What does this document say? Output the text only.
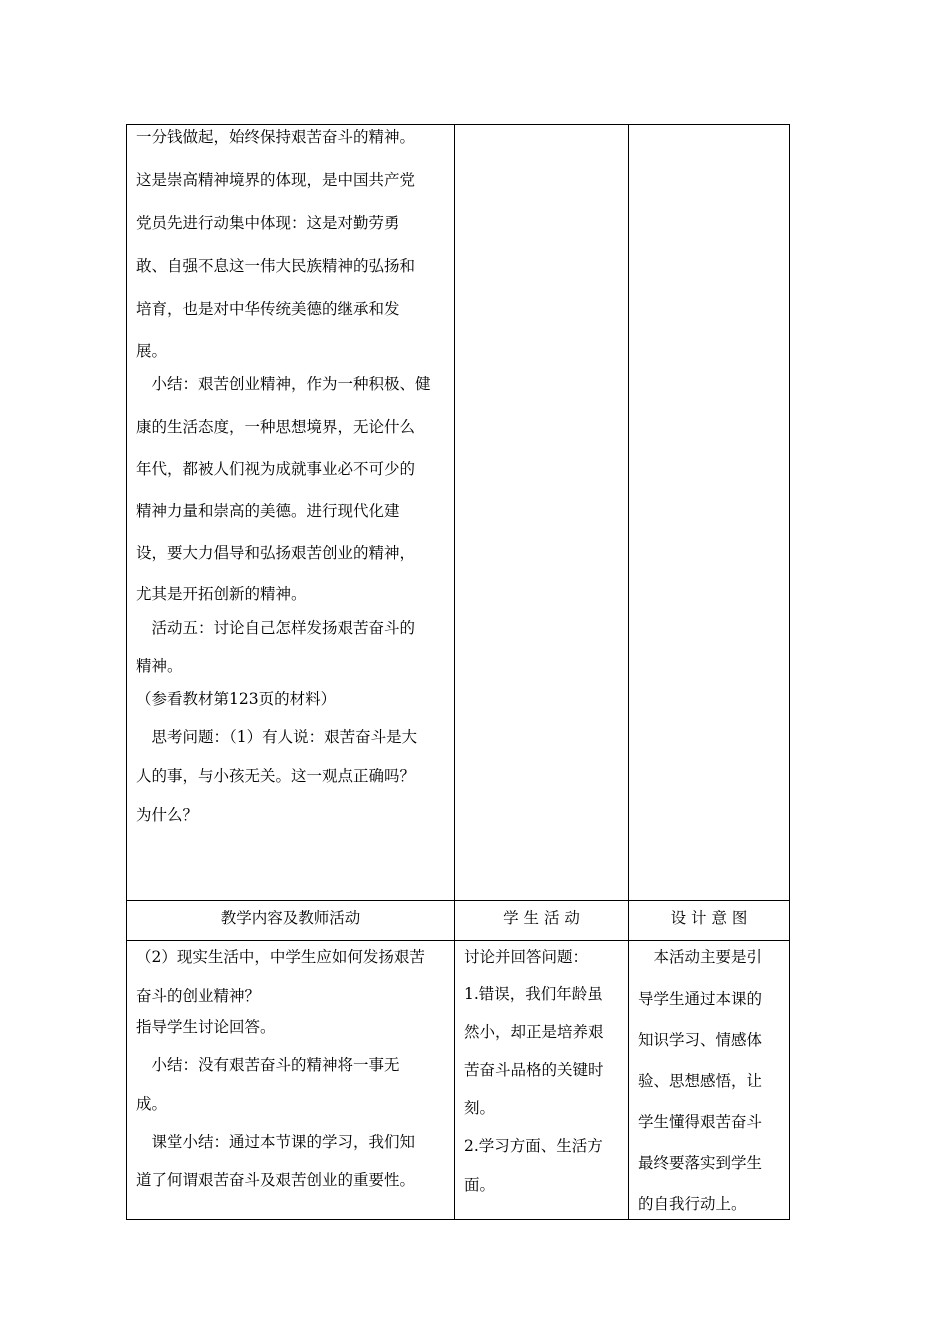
一分钱做起，始终保持艰苦奋斗的精神。
这是崇高精神境界的体现，是中国共产党
党员先进行动集中体现：这是对勤劳勇
敢、自强不息这一伟大民族精神的弘扬和
培育，也是对中华传统美德的继承和发
展。
　小结：艰苦创业精神，作为一种积极、健
康的生活态度，一种思想境界，无论什么
年代，都被人们视为成就事业必不可少的
精神力量和崇高的美德。进行现代化建
设，要大力倡导和弘扬艰苦创业的精神，
尤其是开拓创新的精神。
　活动五：讨论自己怎样发扬艰苦奋斗的
精神。
（参看教材第123页的材料）
　思考问题：（1）有人说：艰苦奋斗是大
人的事，与小孩无关。这一观点正确吗？
为什么？
教学内容及教师活动	学 生 活 动	设 计 意 图
（2）现实生活中，中学生应如何发扬艰苦
奋斗的创业精神？
指导学生讨论回答。
　小结：没有艰苦奋斗的精神将一事无
成。
　课堂小结：通过本节课的学习，我们知
道了何谓艰苦奋斗及艰苦创业的重要性。
讨论并回答问题：
1.错误，我们年龄虽
然小，却正是培养艰
苦奋斗品格的关键时
刻。
2.学习方面、生活方
面。
　本活动主要是引
导学生通过本课的
知识学习、情感体
验、思想感悟，让
学生懂得艰苦奋斗
最终要落实到学生
的自我行动上。
